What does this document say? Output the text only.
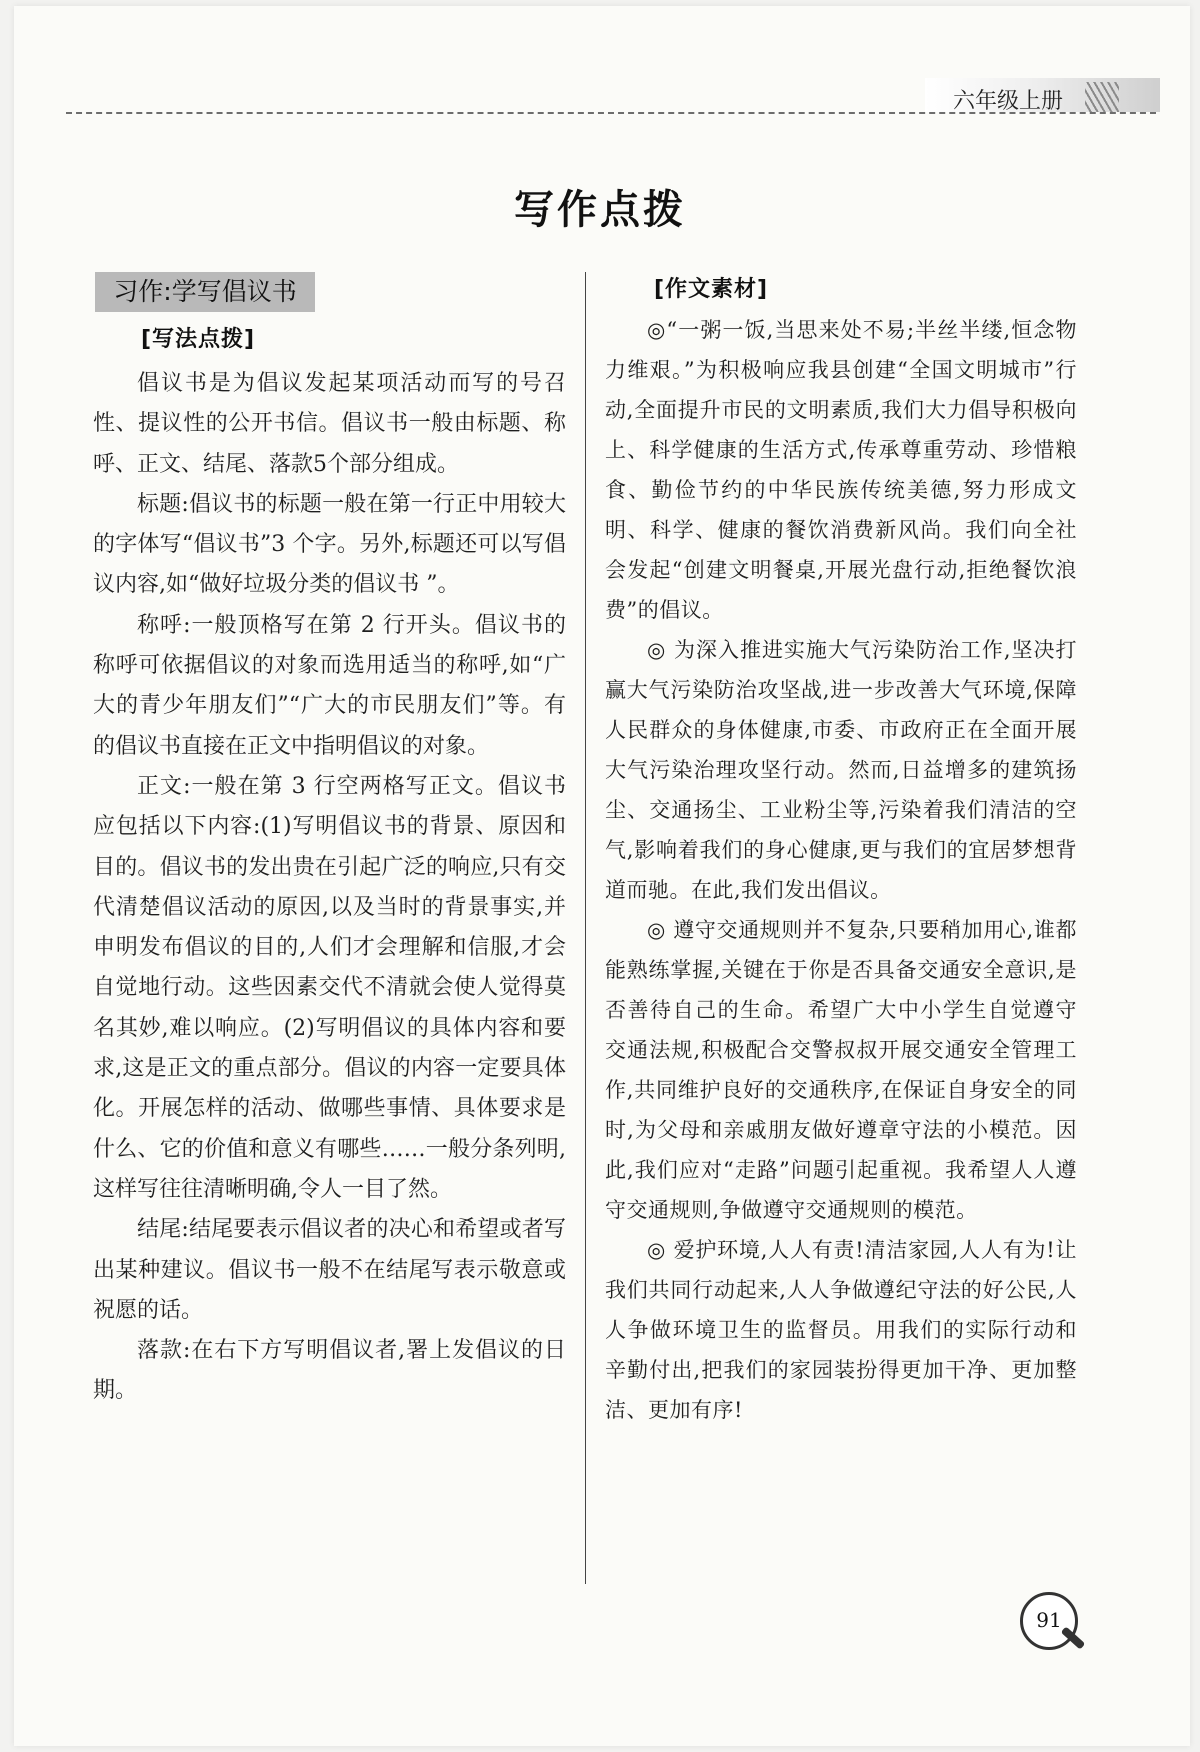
六年级上册
写作点拨
习作:学写倡议书
[写法点拨]

倡议书是为倡议发起某项活动而写的号召性、提议性的公开书信。倡议书一般由标题、称呼、正文、结尾、落款5个部分组成。

标题:倡议书的标题一般在第一行正中用较大的字体写“倡议书”3 个字。另外,标题还可以写倡议内容,如“做好垃圾分类的倡议书 ”。

称呼:一般顶格写在第 2 行开头。倡议书的称呼可依据倡议的对象而选用适当的称呼,如“广大的青少年朋友们”“广大的市民朋友们”等。有的倡议书直接在正文中指明倡议的对象。

正文:一般在第 3 行空两格写正文。倡议书应包括以下内容:(1)写明倡议书的背景、原因和目的。倡议书的发出贵在引起广泛的响应,只有交代清楚倡议活动的原因,以及当时的背景事实,并申明发布倡议的目的,人们才会理解和信服,才会自觉地行动。这些因素交代不清就会使人觉得莫名其妙,难以响应。(2)写明倡议的具体内容和要求,这是正文的重点部分。倡议的内容一定要具体化。开展怎样的活动、做哪些事情、具体要求是什么、它的价值和意义有哪些……一般分条列明,这样写往往清晰明确,令人一目了然。

结尾:结尾要表示倡议者的决心和希望或者写出某种建议。倡议书一般不在结尾写表示敬意或祝愿的话。

落款:在右下方写明倡议者,署上发倡议的日期。

[作文素材]

◎“一粥一饭,当思来处不易;半丝半缕,恒念物力维艰。”为积极响应我县创建“全国文明城市”行动,全面提升市民的文明素质,我们大力倡导积极向上、科学健康的生活方式,传承尊重劳动、珍惜粮食、勤俭节约的中华民族传统美德,努力形成文明、科学、健康的餐饮消费新风尚。我们向全社会发起“创建文明餐桌,开展光盘行动,拒绝餐饮浪费”的倡议。

◎ 为深入推进实施大气污染防治工作,坚决打赢大气污染防治攻坚战,进一步改善大气环境,保障人民群众的身体健康,市委、市政府正在全面开展大气污染治理攻坚行动。然而,日益增多的建筑扬尘、交通扬尘、工业粉尘等,污染着我们清洁的空气,影响着我们的身心健康,更与我们的宜居梦想背道而驰。在此,我们发出倡议。

◎ 遵守交通规则并不复杂,只要稍加用心,谁都能熟练掌握,关键在于你是否具备交通安全意识,是否善待自己的生命。希望广大中小学生自觉遵守交通法规,积极配合交警叔叔开展交通安全管理工作,共同维护良好的交通秩序,在保证自身安全的同时,为父母和亲戚朋友做好遵章守法的小模范。因此,我们应对“走路”问题引起重视。我希望人人遵守交通规则,争做遵守交通规则的模范。

◎ 爱护环境,人人有责!清洁家园,人人有为!让我们共同行动起来,人人争做遵纪守法的好公民,人人争做环境卫生的监督员。用我们的实际行动和辛勤付出,把我们的家园装扮得更加干净、更加整洁、更加有序!

91
